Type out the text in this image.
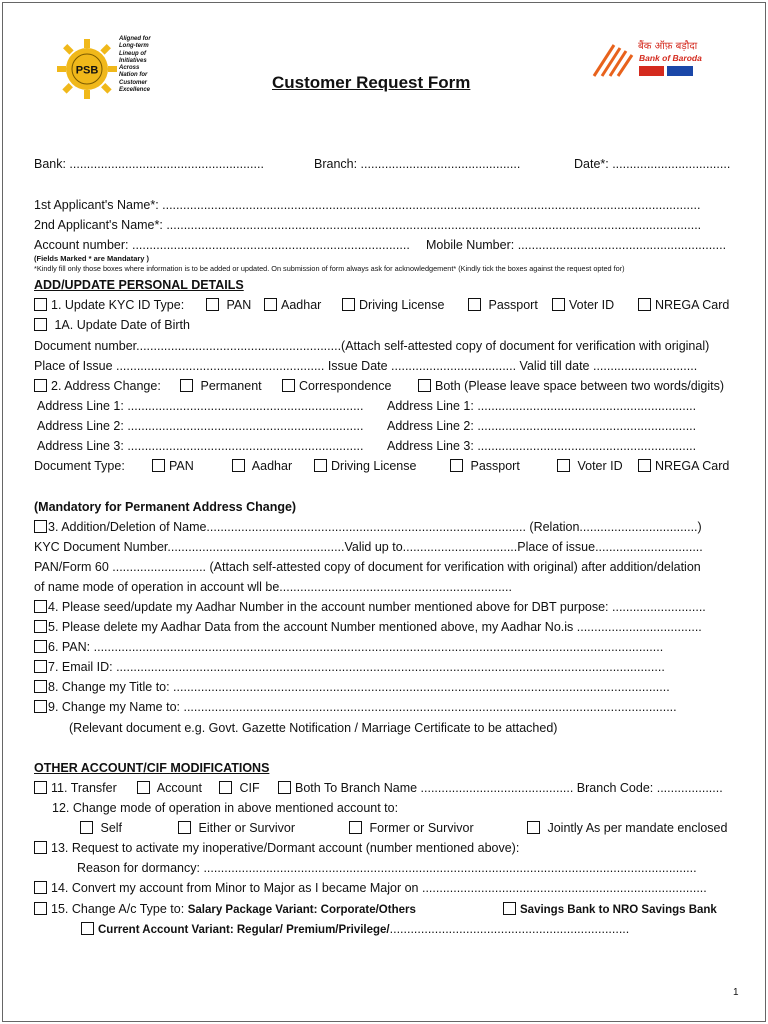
PSB
Aligned for
Long-term
Lineup of
Initiatives
Across
Nation for
Customer
Excellence
बैंक ऑफ़ बड़ौदा
Bank of Baroda
Customer Request Form
Bank: ........................................................	Branch: ..............................................	Date*: ..................................
1st Applicant's Name*: ...........................................................................................................................................................
2nd Applicant's Name*: ..........................................................................................................................................................
Account number: ................................................................................ Mobile Number: ............................................................
(Fields Marked * are Mandatary )
*Kindly fill only those boxes where information is to be added or updated. On submission of form always ask for acknowledgement* (Kindly tick the boxes against the request opted for)
ADD/UPDATE PERSONAL DETAILS
1. Update KYC ID Type:	PAN	Aadhar	Driving License	Passport	Voter ID	NREGA Card
1A. Update Date of Birth
Document number...........................................................(Attach self-attested copy of document for verification with original)
Place of Issue ............................................................ Issue Date .................................... Valid till date ..............................
2. Address Change:	Permanent	Correspondence	Both (Please leave space between two words/digits)
Address Line 1: .................................................................... Address Line 1: ...............................................................
Address Line 2: .................................................................... Address Line 2: ...............................................................
Address Line 3: .................................................................... Address Line 3: ...............................................................
Document Type:	PAN	Aadhar	Driving License	Passport	Voter ID	NREGA Card
(Mandatory for Permanent Address Change)
3. Addition/Deletion of Name............................................................................................ (Relation..................................)
KYC Document Number...................................................Valid up to.................................Place of issue...............................
PAN/Form 60 ........................... (Attach self-attested copy of document for verification with original) after addition/delation
of name mode of operation in account wll be...................................................................
4. Please seed/update my Aadhar Number in the account number mentioned above for DBT purpose: ...........................
5. Please delete my Aadhar Data from the account Number mentioned above, my Aadhar No.is ....................................
6. PAN: ....................................................................................................................................................................
7. Email ID: ..............................................................................................................................................................
8. Change my Title to: ...............................................................................................................................................
9. Change my Name to: ..............................................................................................................................................
(Relevant document e.g. Govt. Gazette Notification / Marriage Certificate to be attached)
OTHER ACCOUNT/CIF MODIFICATIONS
11. Transfer	Account	CIF	Both To Branch Name ............................................ Branch Code: ...................
12. Change mode of operation in above mentioned account to:
Self	Either or Survivor	Former or Survivor	Jointly As per mandate enclosed
13. Request to activate my inoperative/Dormant account (number mentioned above):
Reason for dormancy: ..............................................................................................................................................
14. Convert my account from Minor to Major as I became Major on ..................................................................................
15. Change A/c Type to: Salary Package Variant: Corporate/Others	Savings Bank to NRO Savings Bank
Current Account Variant: Regular/ Premium/Privilege/.....................................................................
1
